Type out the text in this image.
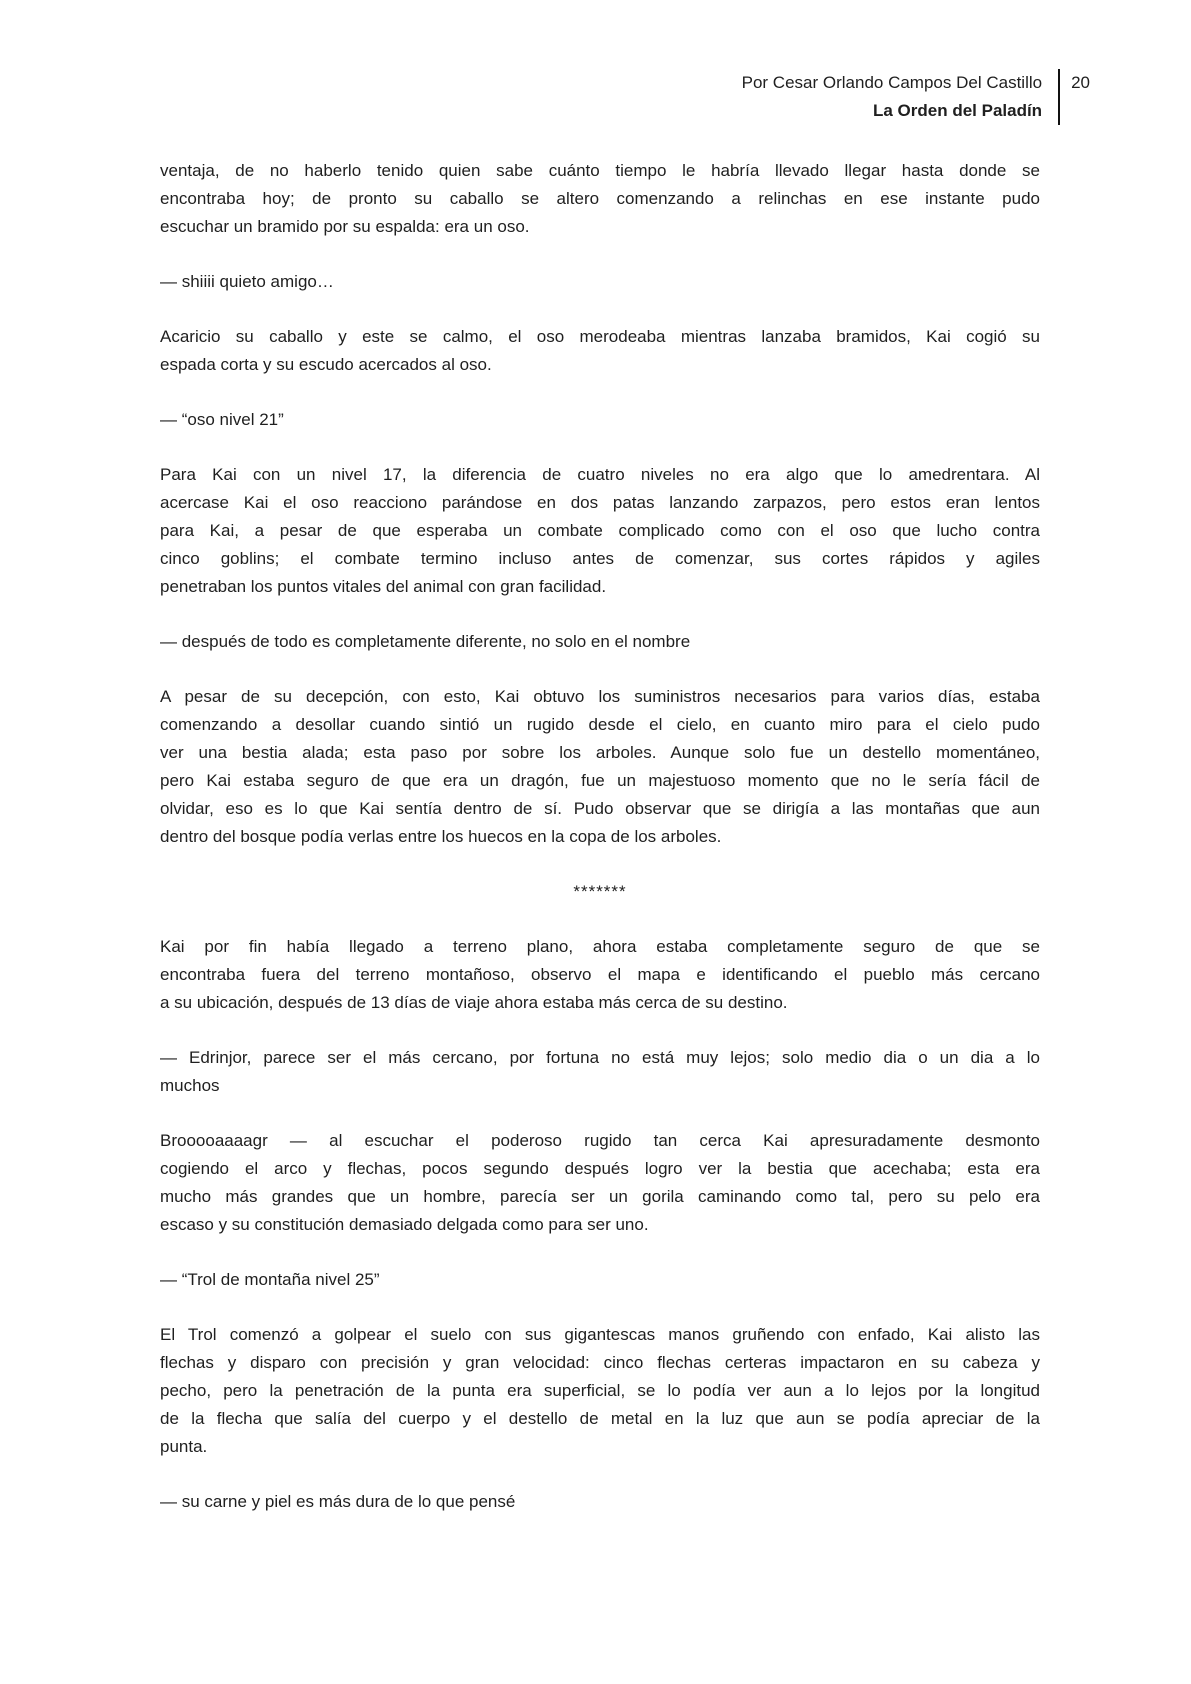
Por Cesar Orlando Campos Del Castillo
La Orden del Paladín
20

ventaja, de no haberlo tenido quien sabe cuánto tiempo le habría llevado llegar hasta donde se
encontraba hoy; de pronto su caballo se altero comenzando a relinchas en ese instante pudo
escuchar un bramido por su espalda: era un oso.

— shiiii quieto amigo…

Acaricio su caballo y este se calmo, el oso merodeaba mientras lanzaba bramidos, Kai cogió su
espada corta y su escudo acercados al oso.

— “oso nivel 21”

Para Kai con un nivel 17, la diferencia de cuatro niveles no era algo que lo amedrentara. Al
acercase Kai el oso reacciono parándose en dos patas lanzando zarpazos, pero estos eran lentos
para Kai, a pesar de que esperaba un combate complicado como con el oso que lucho contra
cinco goblins; el combate termino incluso antes de comenzar, sus cortes rápidos y agiles
penetraban los puntos vitales del animal con gran facilidad.

— después de todo es completamente diferente, no solo en el nombre

A pesar de su decepción, con esto, Kai obtuvo los suministros necesarios para varios días, estaba
comenzando a desollar cuando sintió un rugido desde el cielo, en cuanto miro para el cielo pudo
ver una bestia alada; esta paso por sobre los arboles. Aunque solo fue un destello momentáneo,
pero Kai estaba seguro de que era un dragón, fue un majestuoso momento que no le sería fácil de
olvidar, eso es lo que Kai sentía dentro de sí. Pudo observar que se dirigía a las montañas que aun
dentro del bosque podía verlas entre los huecos en la copa de los arboles.

*******

Kai por fin había llegado a terreno plano, ahora estaba completamente seguro de que se
encontraba fuera del terreno montañoso, observo el mapa e identificando el pueblo más cercano
a su ubicación, después de 13 días de viaje ahora estaba más cerca de su destino.

— Edrinjor, parece ser el más cercano, por fortuna no está muy lejos; solo medio dia o un dia a lo
muchos

Brooooaaaagr — al escuchar el poderoso rugido tan cerca Kai apresuradamente desmonto
cogiendo el arco y flechas, pocos segundo después logro ver la bestia que acechaba; esta era
mucho más grandes que un hombre, parecía ser un gorila caminando como tal, pero su pelo era
escaso y su constitución demasiado delgada como para ser uno.

— “Trol de montaña nivel 25”

El Trol comenzó a golpear el suelo con sus gigantescas manos gruñendo con enfado, Kai alisto las
flechas y disparo con precisión y gran velocidad: cinco flechas certeras impactaron en su cabeza y
pecho, pero la penetración de la punta era superficial, se lo podía ver aun a lo lejos por la longitud
de la flecha que salía del cuerpo y el destello de metal en la luz que aun se podía apreciar de la
punta.

— su carne y piel es más dura de lo que pensé
